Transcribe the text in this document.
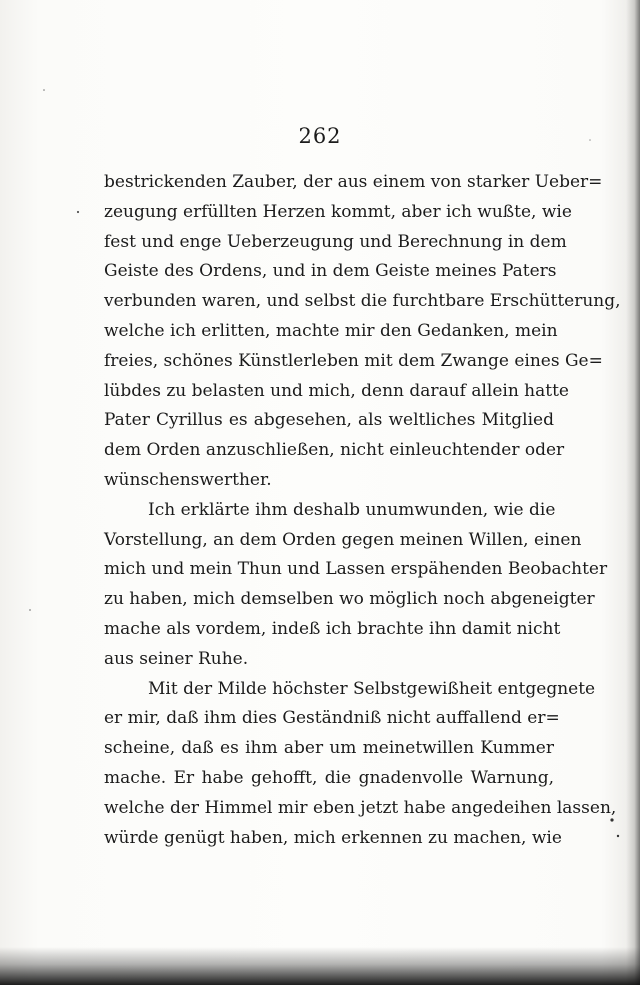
262
bestrickenden Zauber, der aus einem von starker Ueber=
zeugung erfüllten Herzen kommt, aber ich wußte, wie
fest und enge Ueberzeugung und Berechnung in dem
Geiste des Ordens, und in dem Geiste meines Paters
verbunden waren, und selbst die furchtbare Erschütterung,
welche ich erlitten, machte mir den Gedanken, mein
freies, schönes Künstlerleben mit dem Zwange eines Ge=
lübdes zu belasten und mich, denn darauf allein hatte
Pater Cyrillus es abgesehen, als weltliches Mitglied
dem Orden anzuschließen, nicht einleuchtender oder
wünschenswerther.
Ich erklärte ihm deshalb unumwunden, wie die
Vorstellung, an dem Orden gegen meinen Willen, einen
mich und mein Thun und Lassen erspähenden Beobachter
zu haben, mich demselben wo möglich noch abgeneigter
mache als vordem, indeß ich brachte ihn damit nicht
aus seiner Ruhe.
Mit der Milde höchster Selbstgewißheit entgegnete
er mir, daß ihm dies Geständniß nicht auffallend er=
scheine, daß es ihm aber um meinetwillen Kummer
mache. Er habe gehofft, die gnadenvolle Warnung,
welche der Himmel mir eben jetzt habe angedeihen lassen,
würde genügt haben, mich erkennen zu machen, wie
